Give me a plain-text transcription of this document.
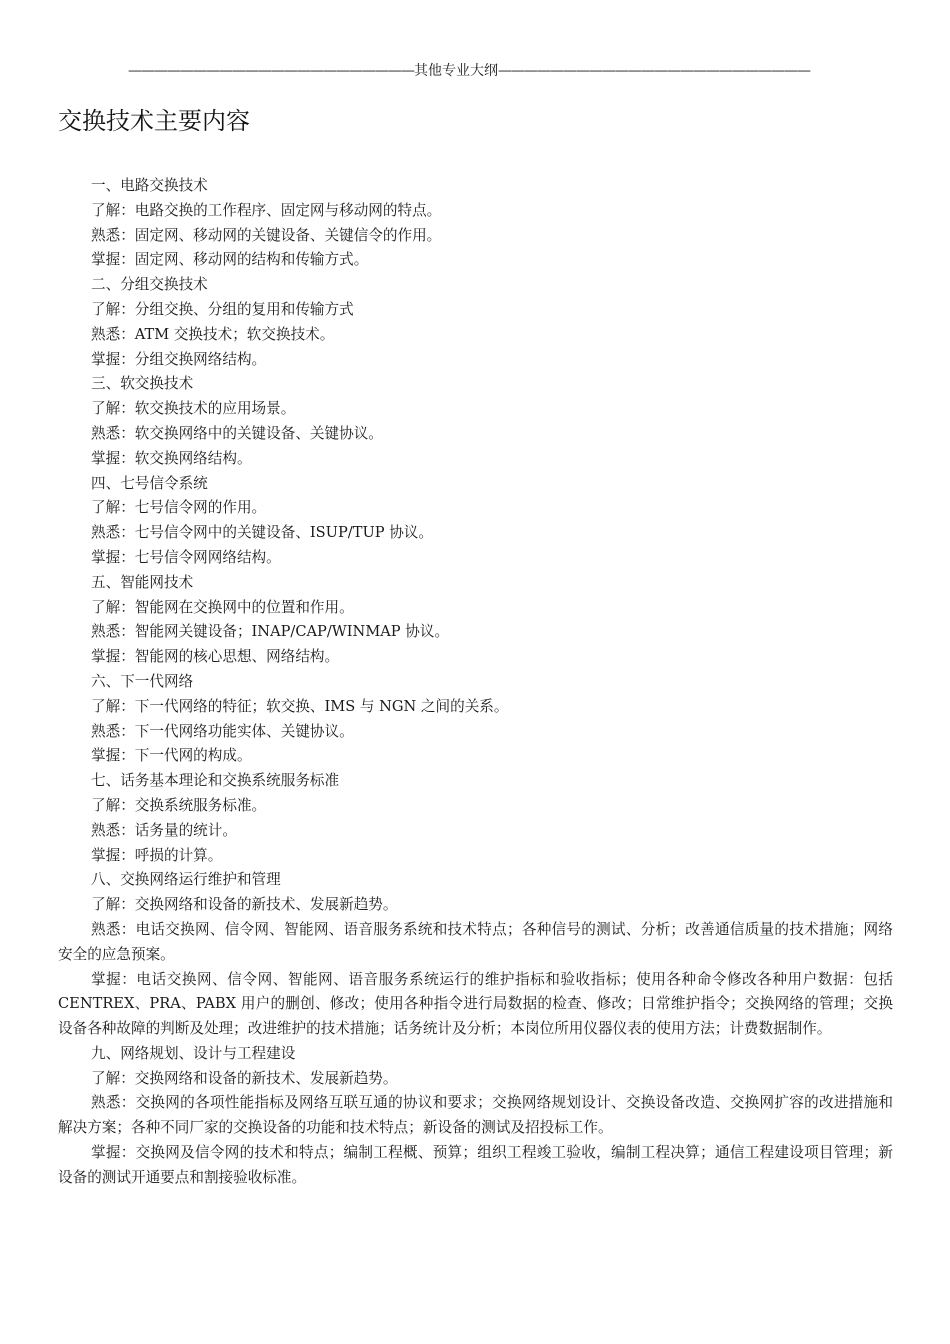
——————————————————————其他专业大纲————————————————————————
交换技术主要内容

一、电路交换技术

了解：电路交换的工作程序、固定网与移动网的特点。

熟悉：固定网、移动网的关键设备、关键信令的作用。

掌握：固定网、移动网的结构和传输方式。

二、分组交换技术

了解：分组交换、分组的复用和传输方式

熟悉：ATM 交换技术；软交换技术。

掌握：分组交换网络结构。

三、软交换技术

了解：软交换技术的应用场景。

熟悉：软交换网络中的关键设备、关键协议。

掌握：软交换网络结构。

四、七号信令系统

了解：七号信令网的作用。

熟悉：七号信令网中的关键设备、ISUP/TUP 协议。

掌握：七号信令网网络结构。

五、智能网技术

了解：智能网在交换网中的位置和作用。

熟悉：智能网关键设备；INAP/CAP/WINMAP 协议。

掌握：智能网的核心思想、网络结构。

六、下一代网络

了解：下一代网络的特征；软交换、IMS 与 NGN 之间的关系。

熟悉：下一代网络功能实体、关键协议。

掌握：下一代网的构成。

七、话务基本理论和交换系统服务标准

了解：交换系统服务标准。

熟悉：话务量的统计。

掌握：呼损的计算。

八、交换网络运行维护和管理

了解：交换网络和设备的新技术、发展新趋势。

熟悉：电话交换网、信令网、智能网、语音服务系统和技术特点；各种信号的测试、分析；改善通信质量的技术措施；网络安全的应急预案。

掌握：电话交换网、信令网、智能网、语音服务系统运行的维护指标和验收指标；使用各种命令修改各种用户数据：包括 CENTREX、PRA、PABX 用户的删创、修改；使用各种指令进行局数据的检查、修改；日常维护指令；交换网络的管理；交换设备各种故障的判断及处理；改进维护的技术措施；话务统计及分析；本岗位所用仪器仪表的使用方法；计费数据制作。

九、网络规划、设计与工程建设

了解：交换网络和设备的新技术、发展新趋势。

熟悉：交换网的各项性能指标及网络互联互通的协议和要求；交换网络规划设计、交换设备改造、交换网扩容的改进措施和解决方案；各种不同厂家的交换设备的功能和技术特点；新设备的测试及招投标工作。

掌握：交换网及信令网的技术和特点；编制工程概、预算；组织工程竣工验收，编制工程决算；通信工程建设项目管理；新设备的测试开通要点和割接验收标准。
